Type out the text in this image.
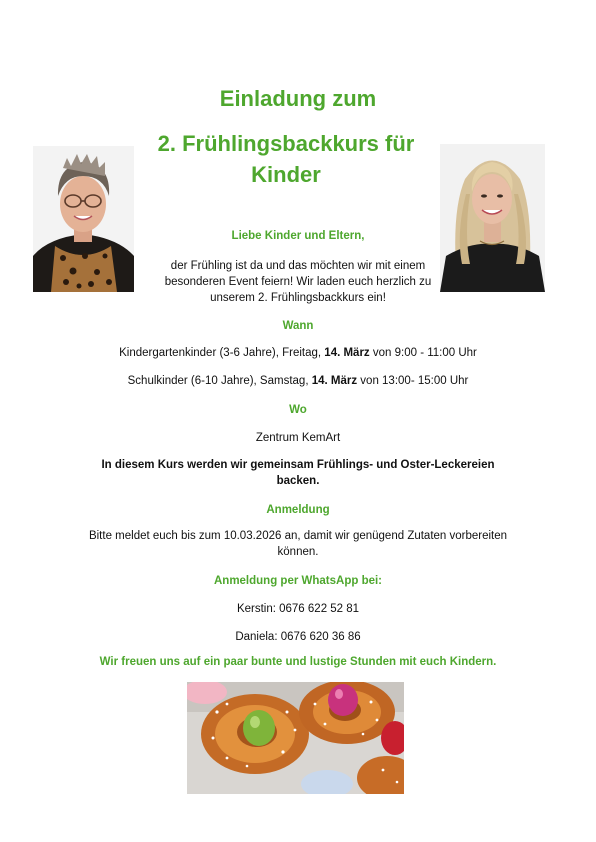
Einladung zum
2. Frühlingsbackkurs für Kinder
Liebe Kinder und Eltern,
der Frühling ist da und das möchten wir mit einem besonderen Event feiern! Wir laden euch herzlich zu unserem 2. Frühlingsbackkurs ein!
Wann
Kindergartenkinder (3-6 Jahre), Freitag, 14. März von 9:00 - 11:00 Uhr
Schulkinder (6-10 Jahre), Samstag, 14. März von 13:00- 15:00 Uhr
Wo
Zentrum KemArt
In diesem Kurs werden wir gemeinsam Frühlings- und Oster-Leckereien backen.
Anmeldung
Bitte meldet euch bis zum 10.03.2026 an, damit wir genügend Zutaten vorbereiten können.
Anmeldung per WhatsApp bei:
Kerstin: 0676 622 52 81
Daniela: 0676 620 36 86
Wir freuen uns auf ein paar bunte und lustige Stunden mit euch Kindern.
